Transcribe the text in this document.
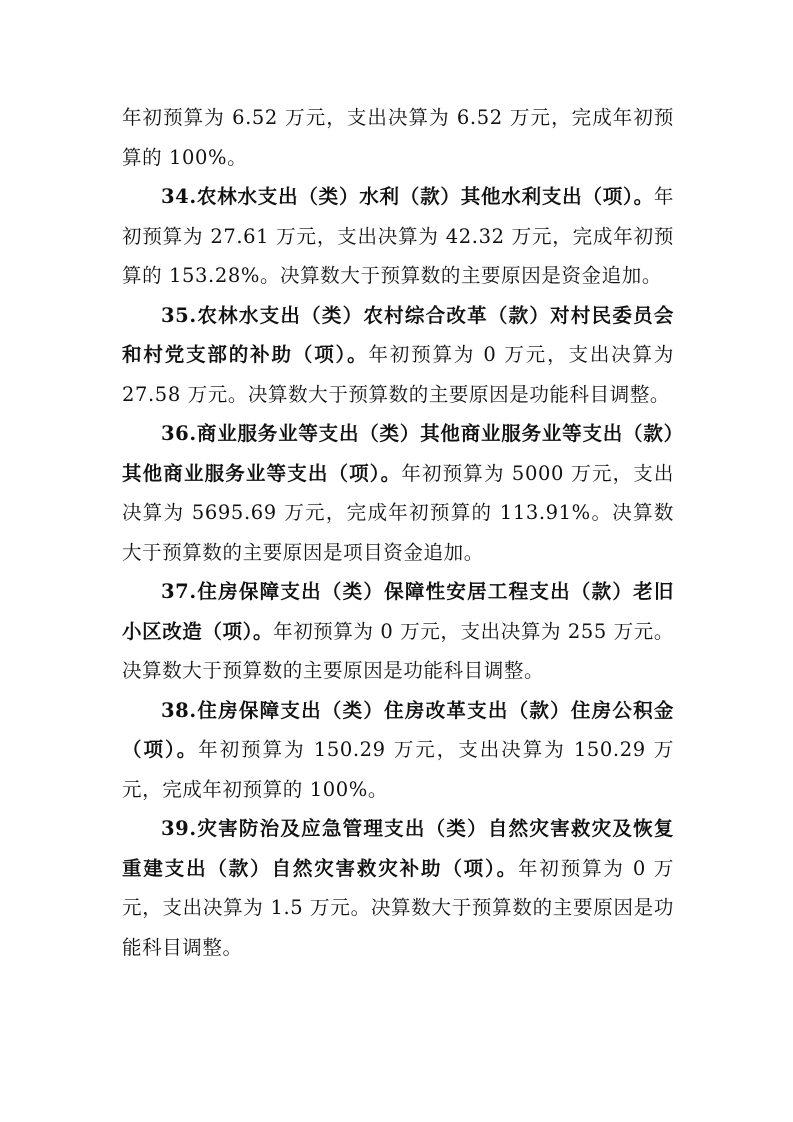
年初预算为 6.52 万元，支出决算为 6.52 万元，完成年初预算的 100%。

34.农林水支出（类）水利（款）其他水利支出（项）。年初预算为 27.61 万元，支出决算为 42.32 万元，完成年初预算的 153.28%。决算数大于预算数的主要原因是资金追加。

35.农林水支出（类）农村综合改革（款）对村民委员会和村党支部的补助（项）。年初预算为 0 万元，支出决算为 27.58 万元。决算数大于预算数的主要原因是功能科目调整。

36.商业服务业等支出（类）其他商业服务业等支出（款）其他商业服务业等支出（项）。年初预算为 5000 万元，支出决算为 5695.69 万元，完成年初预算的 113.91%。决算数大于预算数的主要原因是项目资金追加。

37.住房保障支出（类）保障性安居工程支出（款）老旧小区改造（项）。年初预算为 0 万元，支出决算为 255 万元。决算数大于预算数的主要原因是功能科目调整。

38.住房保障支出（类）住房改革支出（款）住房公积金（项）。年初预算为 150.29 万元，支出决算为 150.29 万元，完成年初预算的 100%。

39.灾害防治及应急管理支出（类）自然灾害救灾及恢复重建支出（款）自然灾害救灾补助（项）。年初预算为 0 万元，支出决算为 1.5 万元。决算数大于预算数的主要原因是功能科目调整。
